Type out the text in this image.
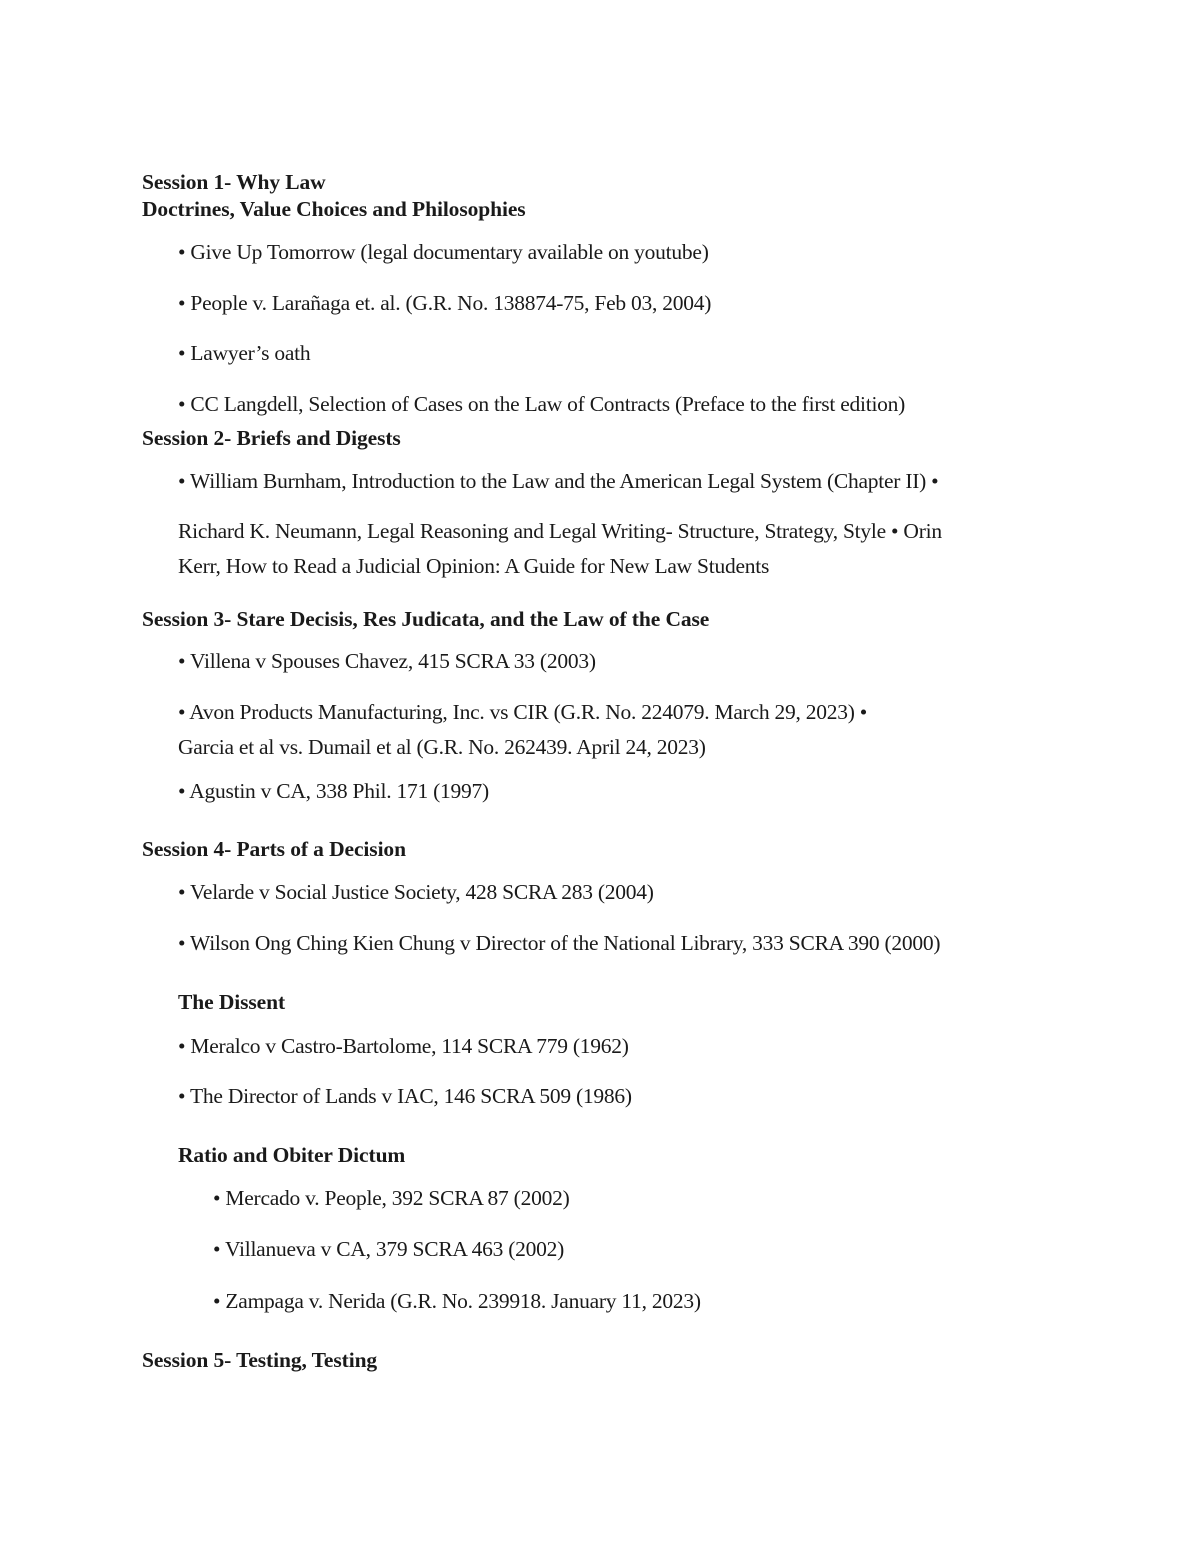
Session 1- Why Law

Doctrines, Value Choices and Philosophies

• Give Up Tomorrow (legal documentary available on youtube)

• People v. Larañaga et. al. (G.R. No. 138874-75, Feb 03, 2004)

• Lawyer’s oath

• CC Langdell, Selection of Cases on the Law of Contracts (Preface to the first edition)

Session 2- Briefs and Digests

• William Burnham, Introduction to the Law and the American Legal System (Chapter II) •

Richard K. Neumann, Legal Reasoning and Legal Writing- Structure, Strategy, Style • Orin

Kerr, How to Read a Judicial Opinion: A Guide for New Law Students

Session 3- Stare Decisis, Res Judicata, and the Law of the Case

• Villena v Spouses Chavez, 415 SCRA 33 (2003)

• Avon Products Manufacturing, Inc. vs CIR (G.R. No. 224079. March 29, 2023) •

Garcia et al vs. Dumail et al (G.R. No. 262439. April 24, 2023)

• Agustin v CA, 338 Phil. 171 (1997)

Session 4- Parts of a Decision

• Velarde v Social Justice Society, 428 SCRA 283 (2004)

• Wilson Ong Ching Kien Chung v Director of the National Library, 333 SCRA 390 (2000)

The Dissent

• Meralco v Castro-Bartolome, 114 SCRA 779 (1962)

• The Director of Lands v IAC, 146 SCRA 509 (1986)

Ratio and Obiter Dictum

• Mercado v. People, 392 SCRA 87 (2002)

• Villanueva v CA, 379 SCRA 463 (2002)

• Zampaga v. Nerida (G.R. No. 239918. January 11, 2023)

Session 5- Testing, Testing
